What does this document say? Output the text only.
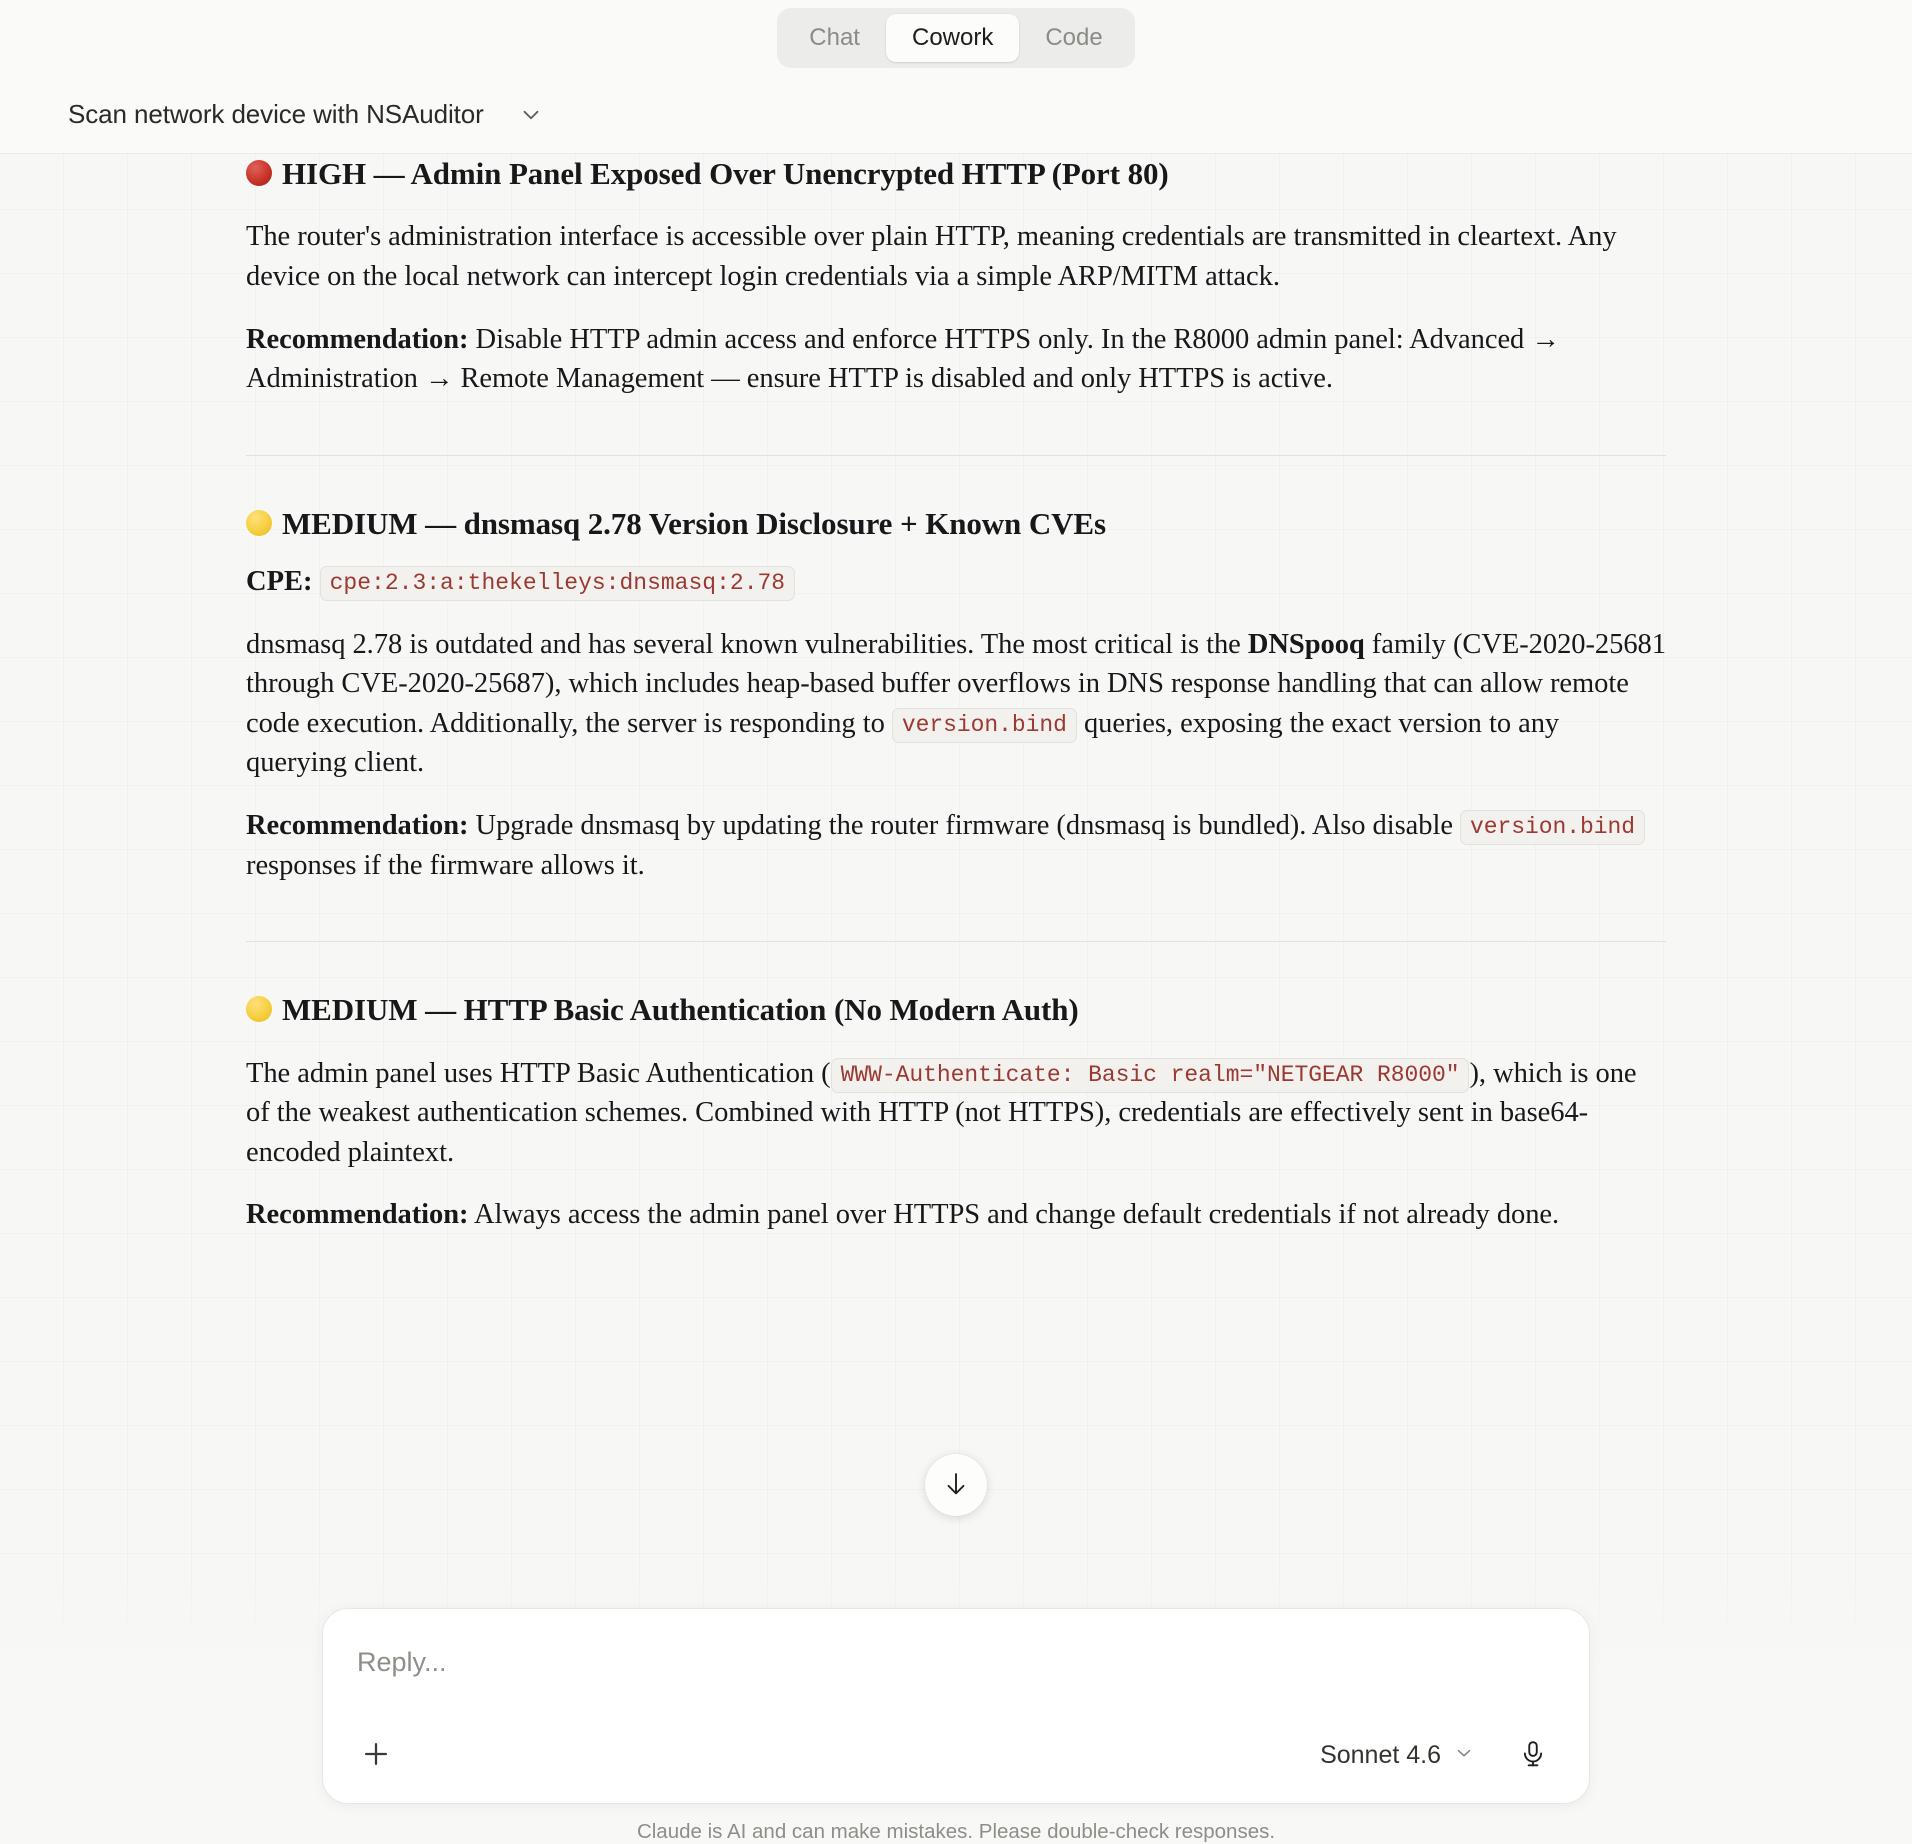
Chat	Cowork	Code
Scan network device with NSAuditor
HIGH — Admin Panel Exposed Over Unencrypted HTTP (Port 80)

The router's administration interface is accessible over plain HTTP, meaning credentials are transmitted in cleartext. Any device on the local network can intercept login credentials via a simple ARP/MITM attack.

Recommendation: Disable HTTP admin access and enforce HTTPS only. In the R8000 admin panel: Advanced → Administration → Remote Management — ensure HTTP is disabled and only HTTPS is active.

MEDIUM — dnsmasq 2.78 Version Disclosure + Known CVEs

CPE: cpe:2.3:a:thekelleys:dnsmasq:2.78

dnsmasq 2.78 is outdated and has several known vulnerabilities. The most critical is the DNSpooq family (CVE-2020-25681 through CVE-2020-25687), which includes heap-based buffer overflows in DNS response handling that can allow remote code execution. Additionally, the server is responding to version.bind queries, exposing the exact version to any querying client.

Recommendation: Upgrade dnsmasq by updating the router firmware (dnsmasq is bundled). Also disable version.bind responses if the firmware allows it.

MEDIUM — HTTP Basic Authentication (No Modern Auth)

The admin panel uses HTTP Basic Authentication ( WWW-Authenticate: Basic realm="NETGEAR R8000" ), which is one of the weakest authentication schemes. Combined with HTTP (not HTTPS), credentials are effectively sent in base64-encoded plaintext.

Recommendation: Always access the admin panel over HTTPS and change default credentials if not already done.

Reply...
Sonnet 4.6
Claude is AI and can make mistakes. Please double-check responses.
